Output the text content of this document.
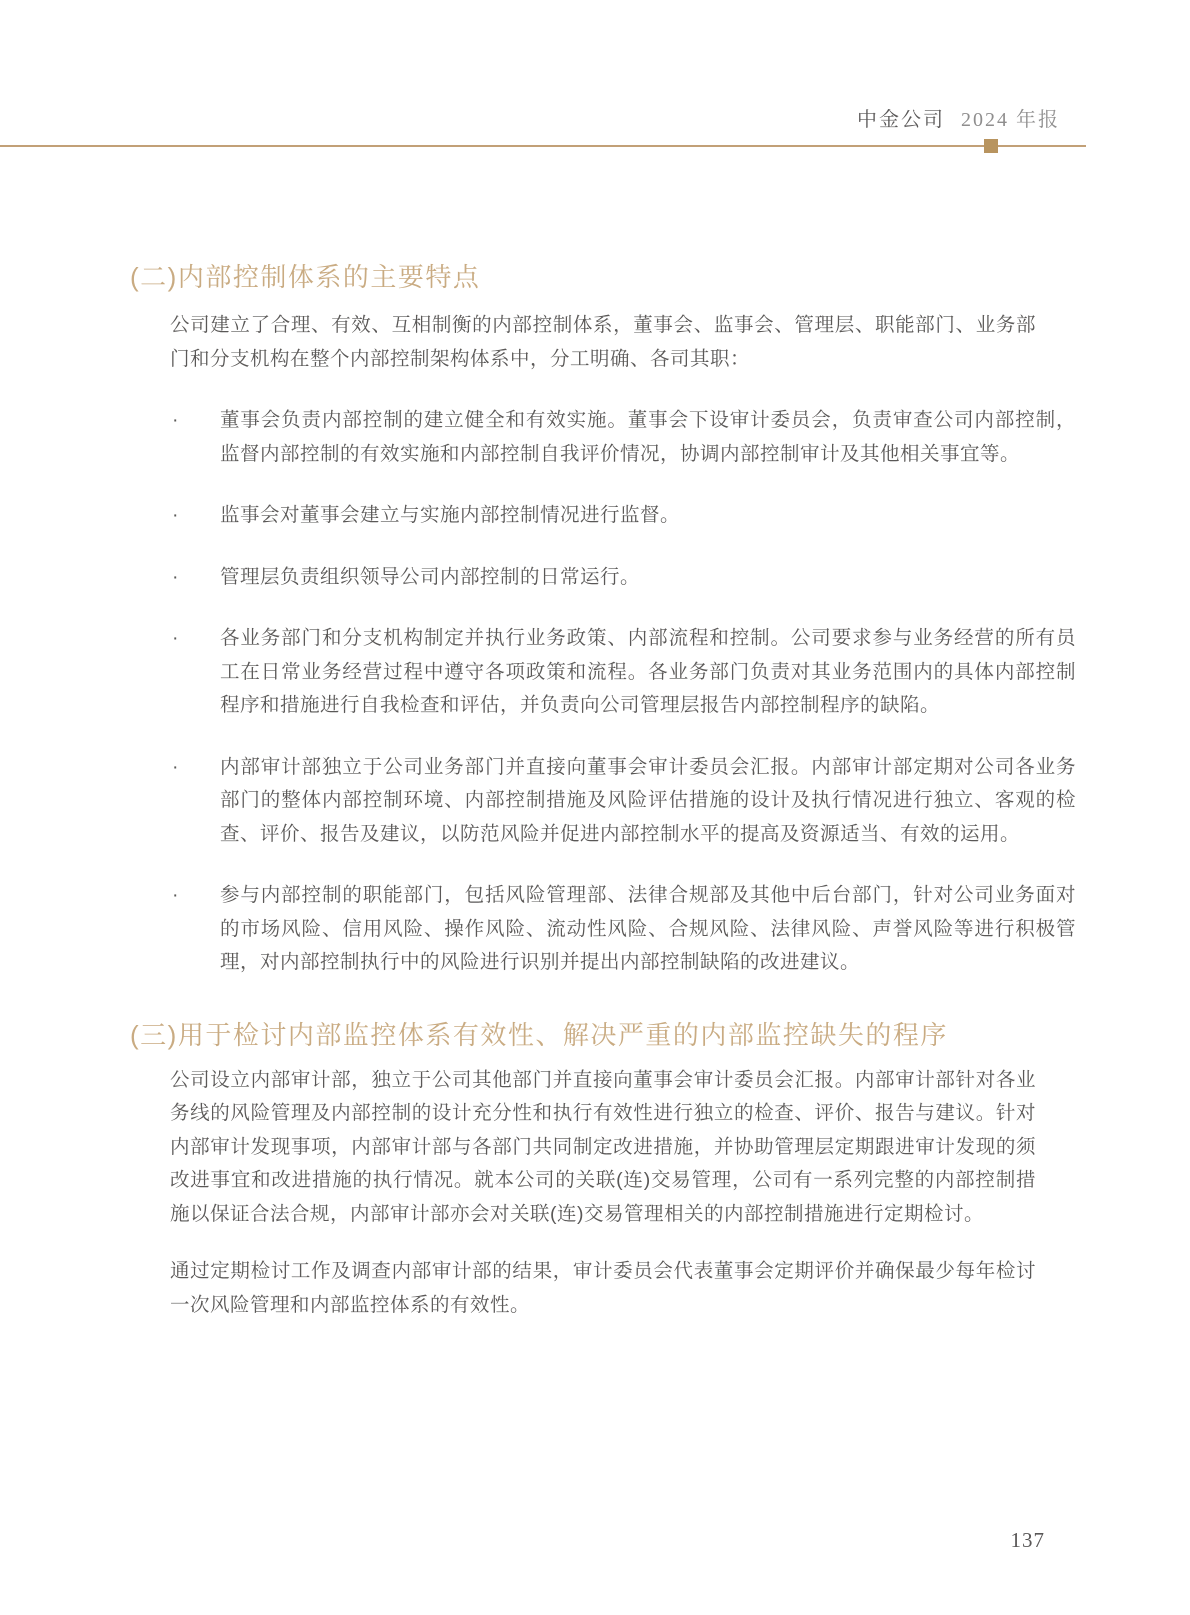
中金公司 2024 年报
(二)内部控制体系的主要特点

公司建立了合理、有效、互相制衡的内部控制体系，董事会、监事会、管理层、职能部门、业务部门和分支机构在整个内部控制架构体系中，分工明确、各司其职：

·	董事会负责内部控制的建立健全和有效实施。董事会下设审计委员会，负责审查公司内部控制，监督内部控制的有效实施和内部控制自我评价情况，协调内部控制审计及其他相关事宜等。
·	监事会对董事会建立与实施内部控制情况进行监督。
·	管理层负责组织领导公司内部控制的日常运行。
·	各业务部门和分支机构制定并执行业务政策、内部流程和控制。公司要求参与业务经营的所有员工在日常业务经营过程中遵守各项政策和流程。各业务部门负责对其业务范围内的具体内部控制程序和措施进行自我检查和评估，并负责向公司管理层报告内部控制程序的缺陷。
·	内部审计部独立于公司业务部门并直接向董事会审计委员会汇报。内部审计部定期对公司各业务部门的整体内部控制环境、内部控制措施及风险评估措施的设计及执行情况进行独立、客观的检查、评价、报告及建议，以防范风险并促进内部控制水平的提高及资源适当、有效的运用。
·	参与内部控制的职能部门，包括风险管理部、法律合规部及其他中后台部门，针对公司业务面对的市场风险、信用风险、操作风险、流动性风险、合规风险、法律风险、声誉风险等进行积极管理，对内部控制执行中的风险进行识别并提出内部控制缺陷的改进建议。
(三)用于检讨内部监控体系有效性、解决严重的内部监控缺失的程序

公司设立内部审计部，独立于公司其他部门并直接向董事会审计委员会汇报。内部审计部针对各业务线的风险管理及内部控制的设计充分性和执行有效性进行独立的检查、评价、报告与建议。针对内部审计发现事项，内部审计部与各部门共同制定改进措施，并协助管理层定期跟进审计发现的须改进事宜和改进措施的执行情况。就本公司的关联(连)交易管理，公司有一系列完整的内部控制措施以保证合法合规，内部审计部亦会对关联(连)交易管理相关的内部控制措施进行定期检讨。

通过定期检讨工作及调查内部审计部的结果，审计委员会代表董事会定期评价并确保最少每年检讨一次风险管理和内部监控体系的有效性。

137
